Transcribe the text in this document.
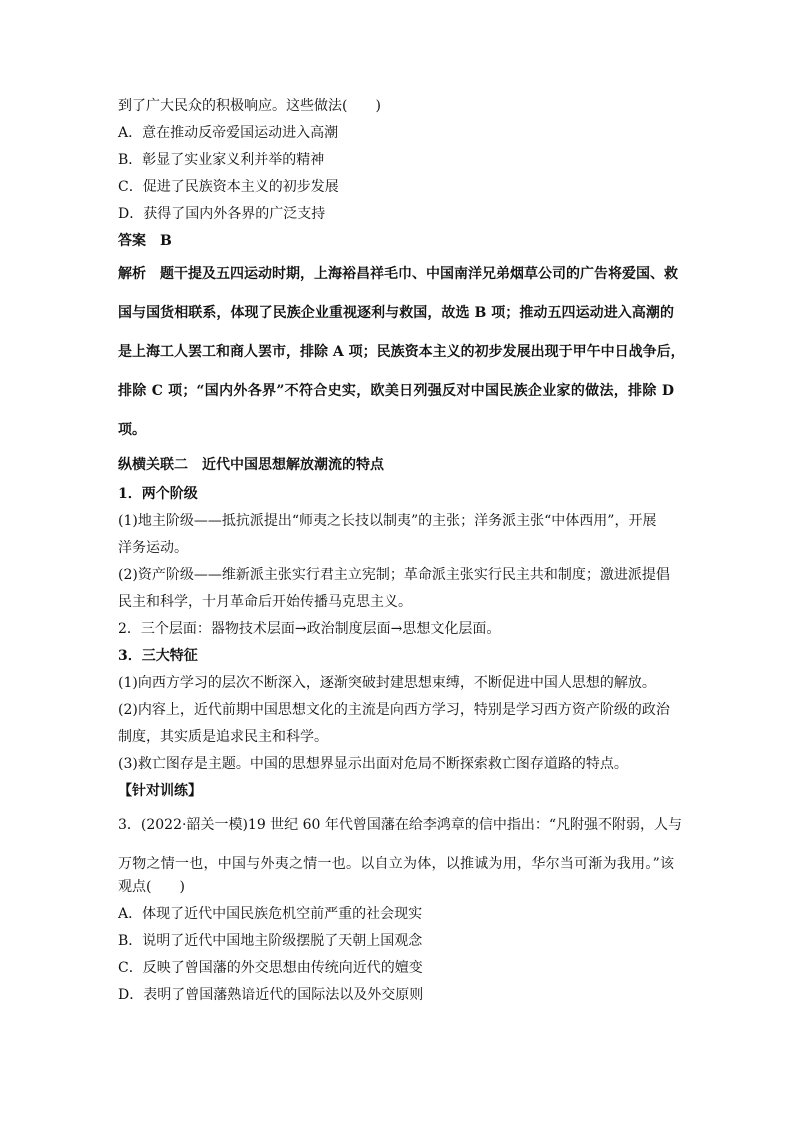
到了广大民众的积极响应。这些做法(　　)
A．意在推动反帝爱国运动进入高潮
B．彰显了实业家义利并举的精神
C．促进了民族资本主义的初步发展
D．获得了国内外各界的广泛支持
答案　B
解析　题干提及五四运动时期，上海裕昌祥毛巾、中国南洋兄弟烟草公司的广告将爱国、救
国与国货相联系，体现了民族企业重视逐利与救国，故选 B 项；推动五四运动进入高潮的
是上海工人罢工和商人罢市，排除 A 项；民族资本主义的初步发展出现于甲午中日战争后，
排除 C 项；“国内外各界”不符合史实，欧美日列强反对中国民族企业家的做法，排除 D
项。
纵横关联二　近代中国思想解放潮流的特点
1．两个阶级
(1)地主阶级——抵抗派提出“师夷之长技以制夷”的主张；洋务派主张“中体西用”，开展
洋务运动。
(2)资产阶级——维新派主张实行君主立宪制；革命派主张实行民主共和制度；激进派提倡
民主和科学，十月革命后开始传播马克思主义。
2．三个层面：器物技术层面→政治制度层面→思想文化层面。
3．三大特征
(1)向西方学习的层次不断深入，逐渐突破封建思想束缚，不断促进中国人思想的解放。
(2)内容上，近代前期中国思想文化的主流是向西方学习，特别是学习西方资产阶级的政治
制度，其实质是追求民主和科学。
(3)救亡图存是主题。中国的思想界显示出面对危局不断探索救亡图存道路的特点。
【针对训练】
3．(2022·韶关一模)19 世纪 60 年代曾国藩在给李鸿章的信中指出：“凡附强不附弱，人与
万物之情一也，中国与外夷之情一也。以自立为体，以推诚为用，华尔当可渐为我用。”该
观点(　　)
A．体现了近代中国民族危机空前严重的社会现实
B．说明了近代中国地主阶级摆脱了天朝上国观念
C．反映了曾国藩的外交思想由传统向近代的嬗变
D．表明了曾国藩熟谙近代的国际法以及外交原则
